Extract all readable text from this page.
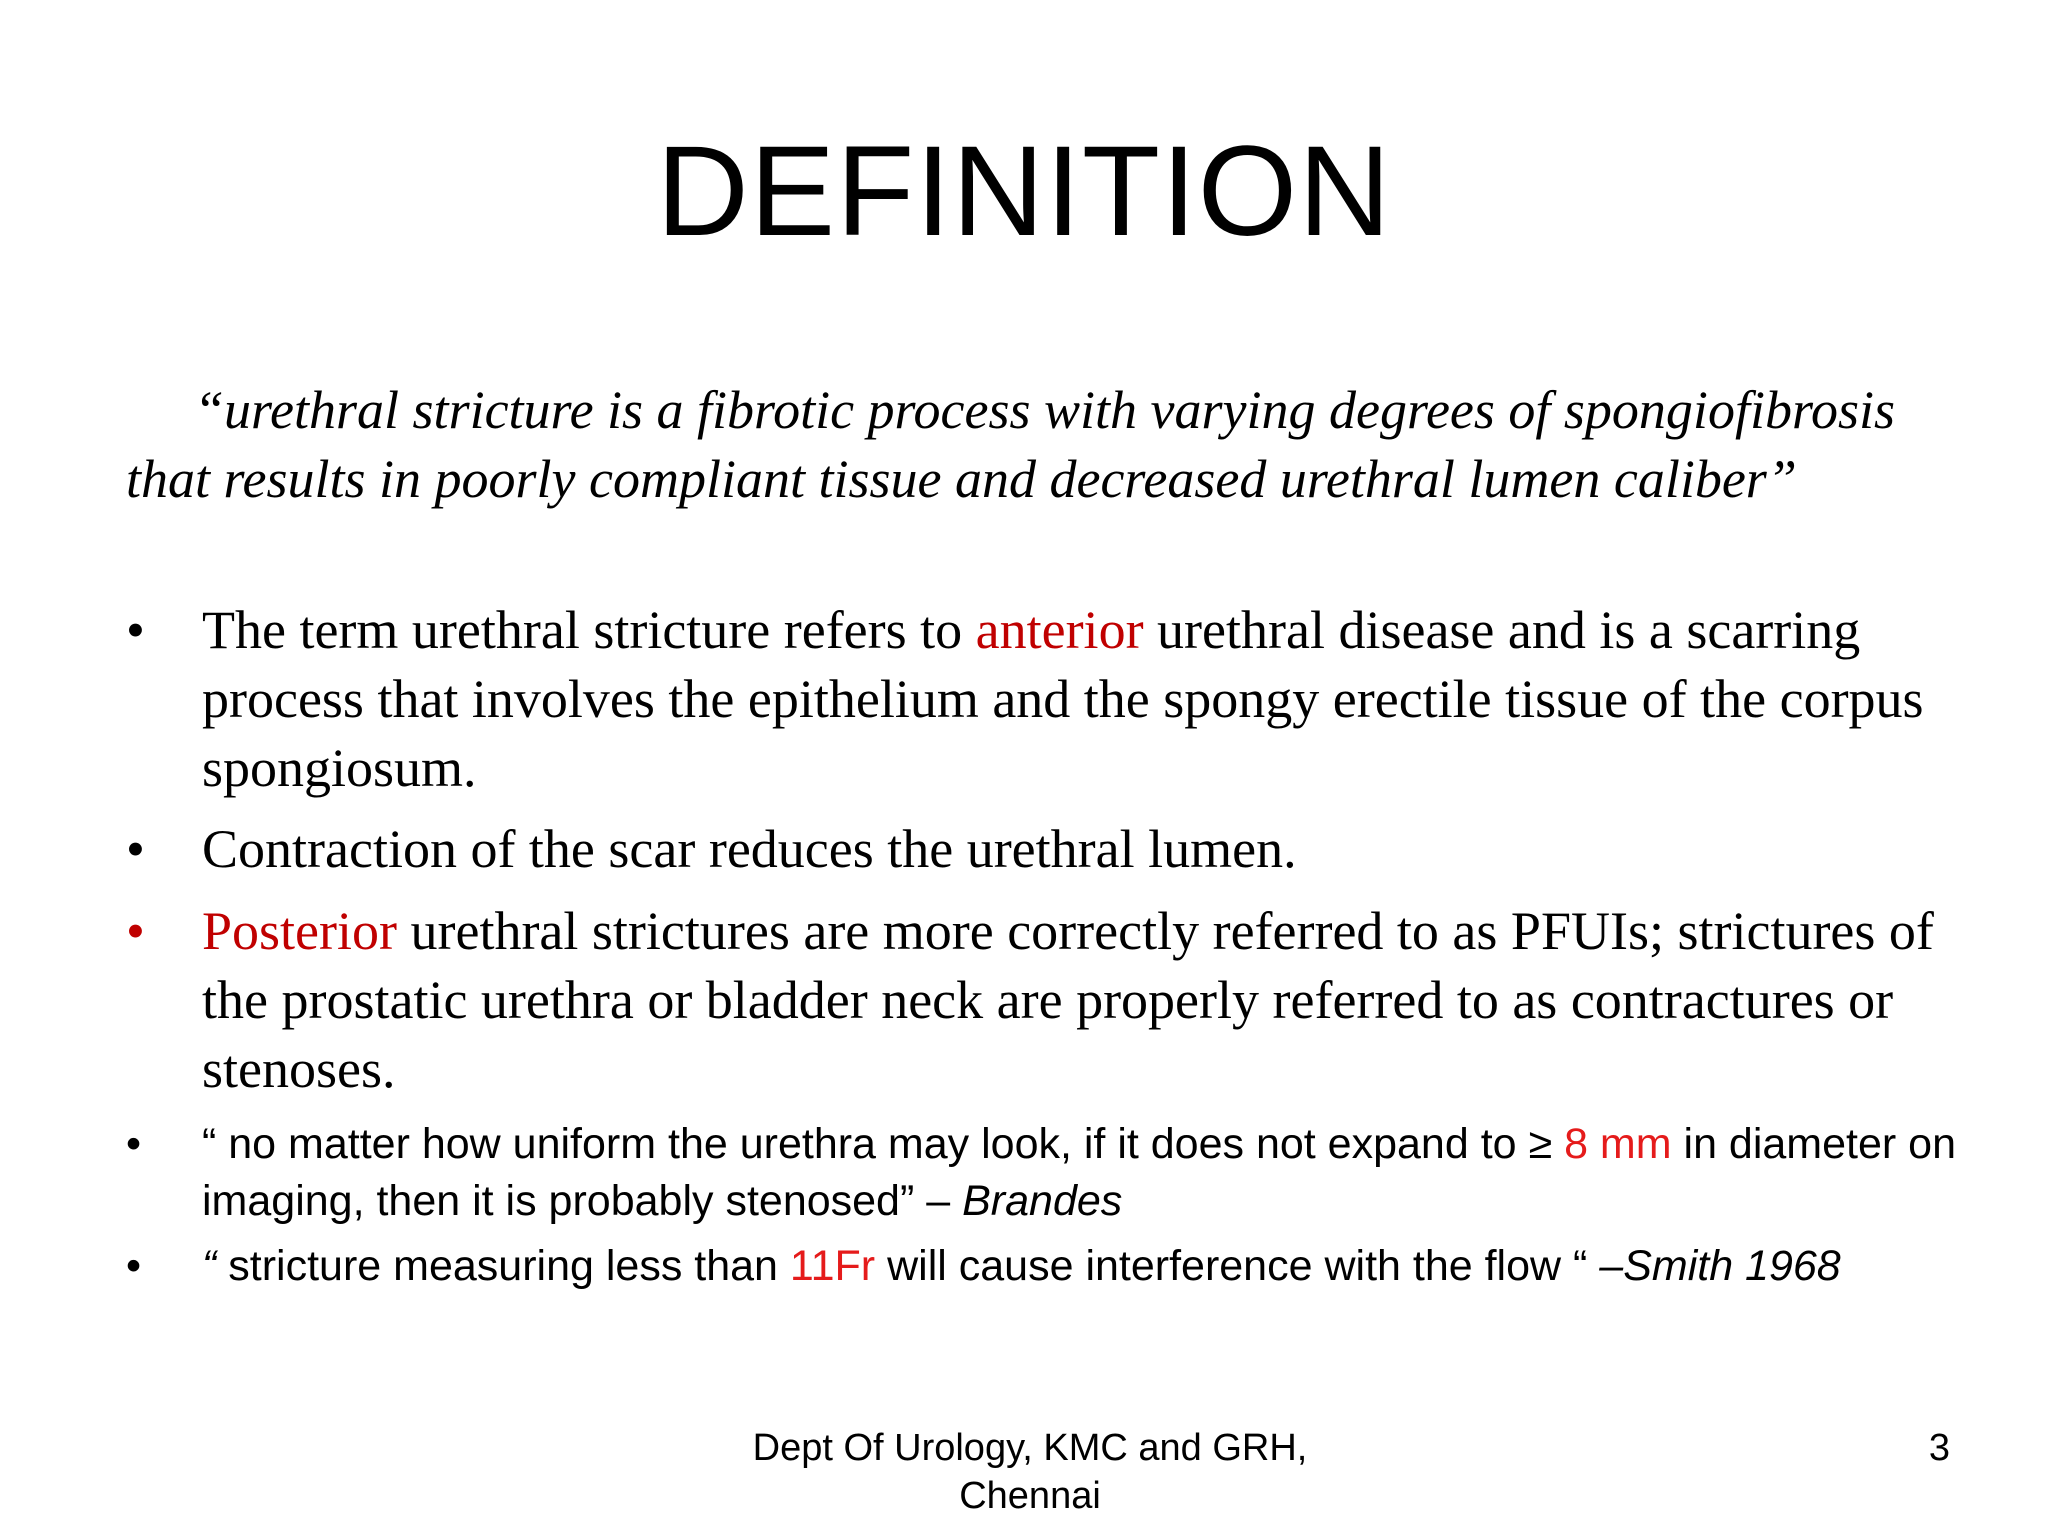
DEFINITION
“urethral stricture is a fibrotic process with varying degrees of spongiofibrosis that results in poorly compliant tissue and decreased urethral lumen caliber”
• The term urethral stricture refers to anterior urethral disease and is a scarring process that involves the epithelium and the spongy erectile tissue of the corpus spongiosum.
• Contraction of the scar reduces the urethral lumen.
• Posterior urethral strictures are more correctly referred to as PFUIs; strictures of the prostatic urethra or bladder neck are properly referred to as contractures or stenoses.
• “ no matter how uniform the urethra may look, if it does not expand to ≥ 8 mm in diameter on imaging, then it is probably stenosed” – Brandes
• “ stricture measuring less than 11Fr will cause interference with the flow “ –Smith 1968
Dept Of Urology, KMC and GRH, Chennai
3
